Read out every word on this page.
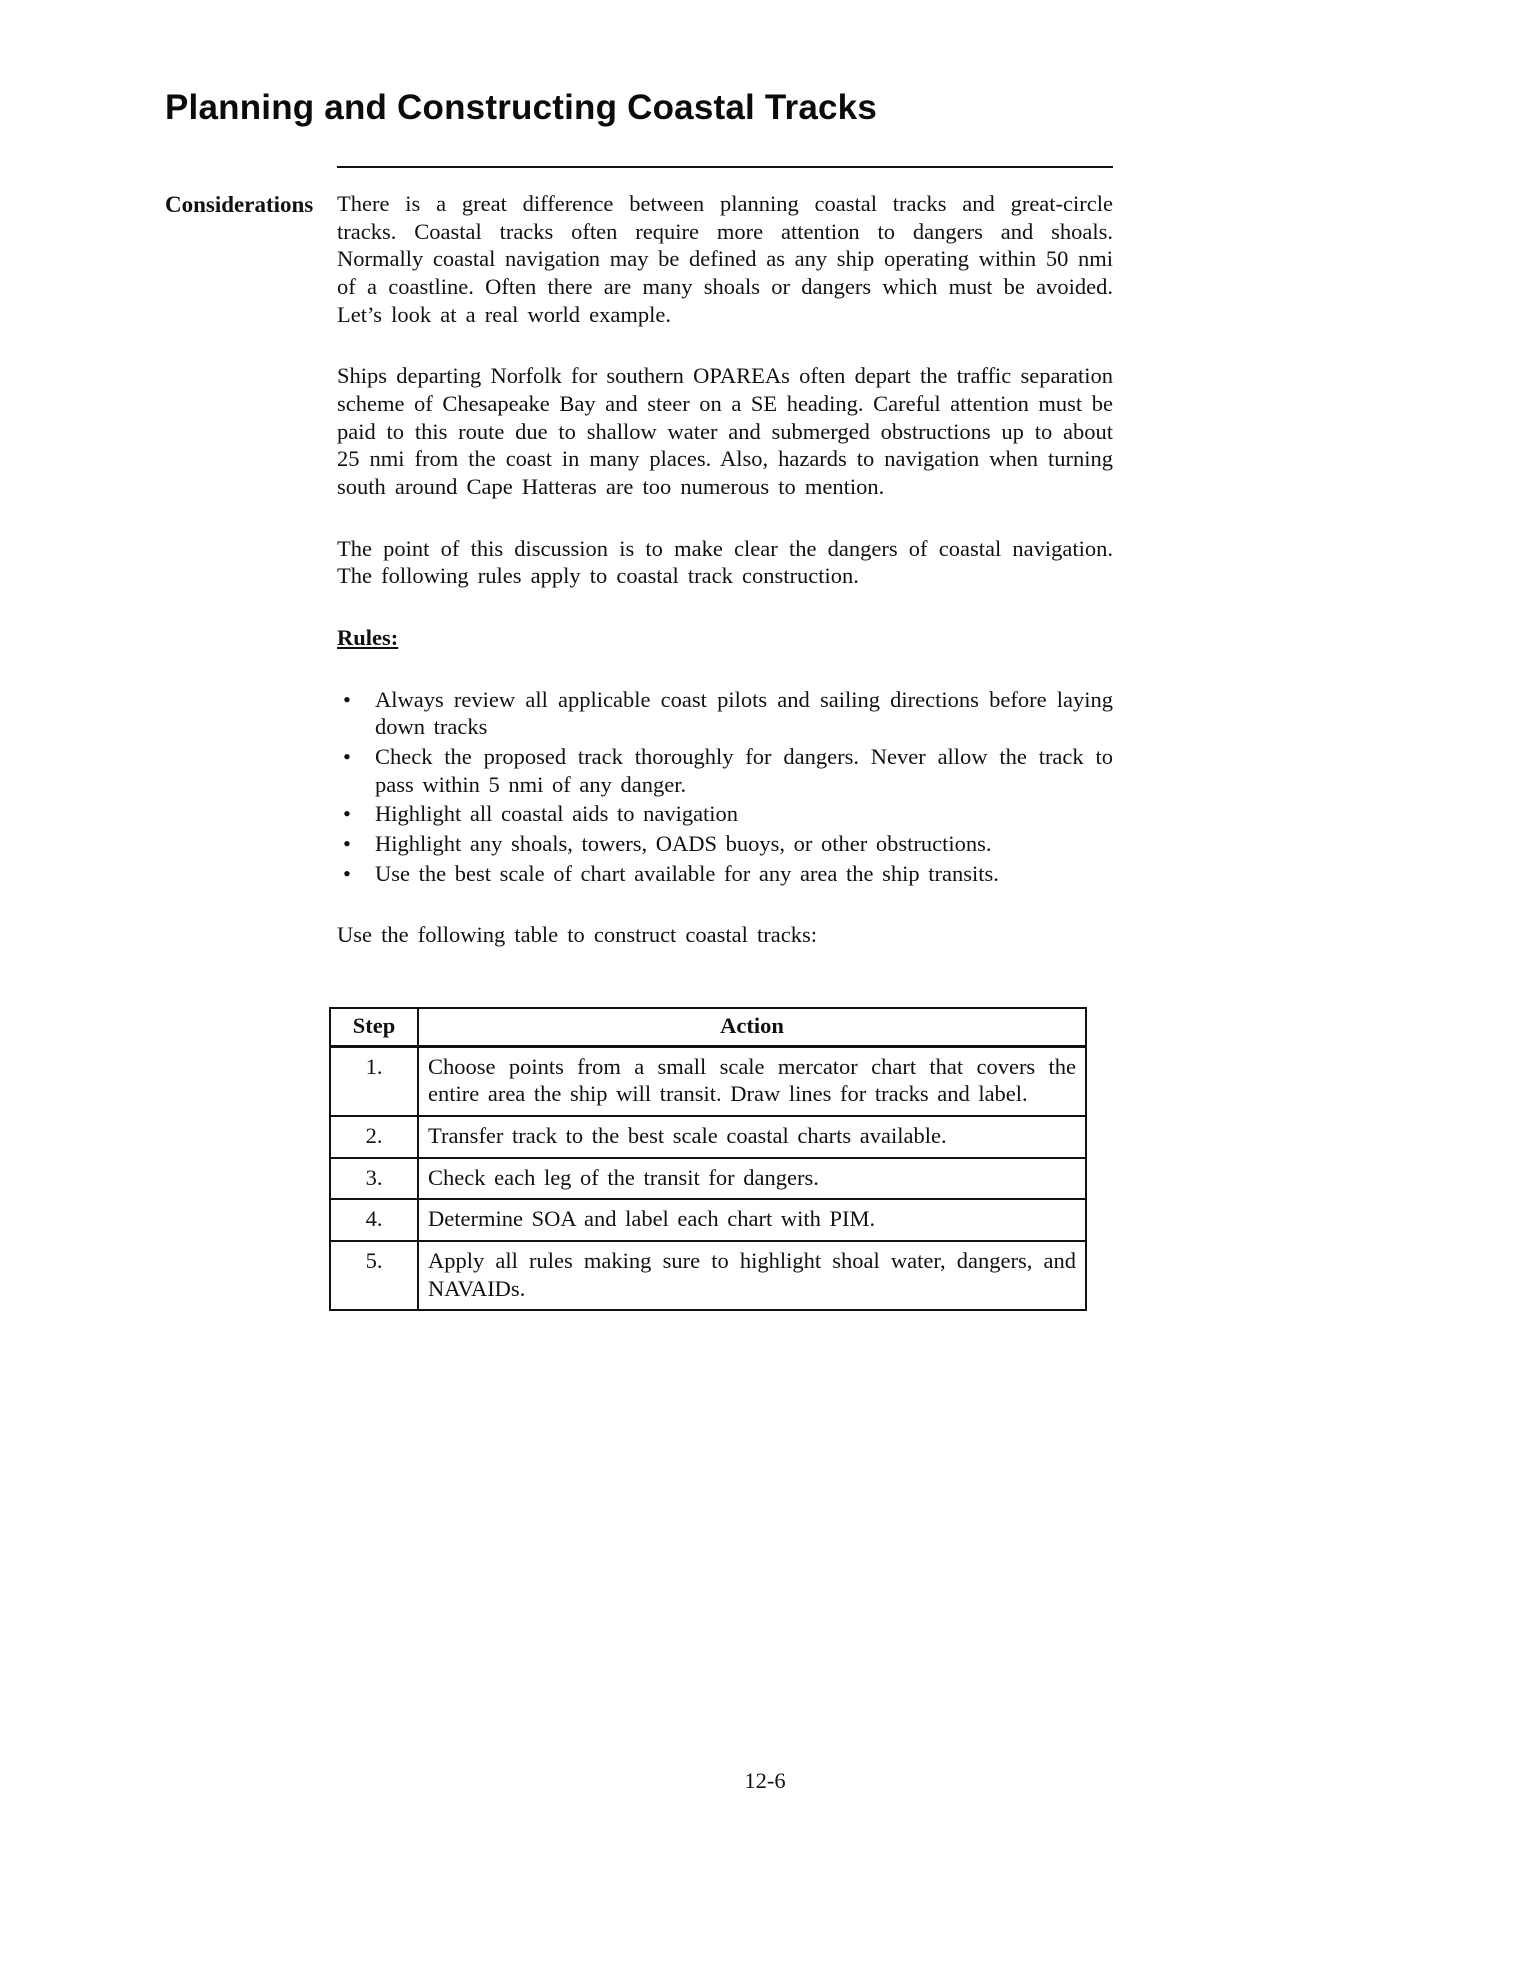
Planning and Constructing Coastal Tracks
Considerations	There is a great difference between planning coastal tracks and great-circle tracks. Coastal tracks often require more attention to dangers and shoals. Normally coastal navigation may be defined as any ship operating within 50 nmi of a coastline. Often there are many shoals or dangers which must be avoided. Let’s look at a real world example.

Ships departing Norfolk for southern OPAREAs often depart the traffic separation scheme of Chesapeake Bay and steer on a SE heading. Careful attention must be paid to this route due to shallow water and submerged obstructions up to about 25 nmi from the coast in many places. Also, hazards to navigation when turning south around Cape Hatteras are too numerous to mention.

The point of this discussion is to make clear the dangers of coastal navigation. The following rules apply to coastal track construction.

Rules:
•	Always review all applicable coast pilots and sailing directions before laying down tracks
•	Check the proposed track thoroughly for dangers. Never allow the track to pass within 5 nmi of any danger.
•	Highlight all coastal aids to navigation
•	Highlight any shoals, towers, OADS buoys, or other obstructions.
•	Use the best scale of chart available for any area the ship transits.

Use the following table to construct coastal tracks:

Step	Action
1.	Choose points from a small scale mercator chart that covers the entire area the ship will transit. Draw lines for tracks and label.
2.	Transfer track to the best scale coastal charts available.
3.	Check each leg of the transit for dangers.
4.	Determine SOA and label each chart with PIM.
5.	Apply all rules making sure to highlight shoal water, dangers, and NAVAIDs.
12-6
